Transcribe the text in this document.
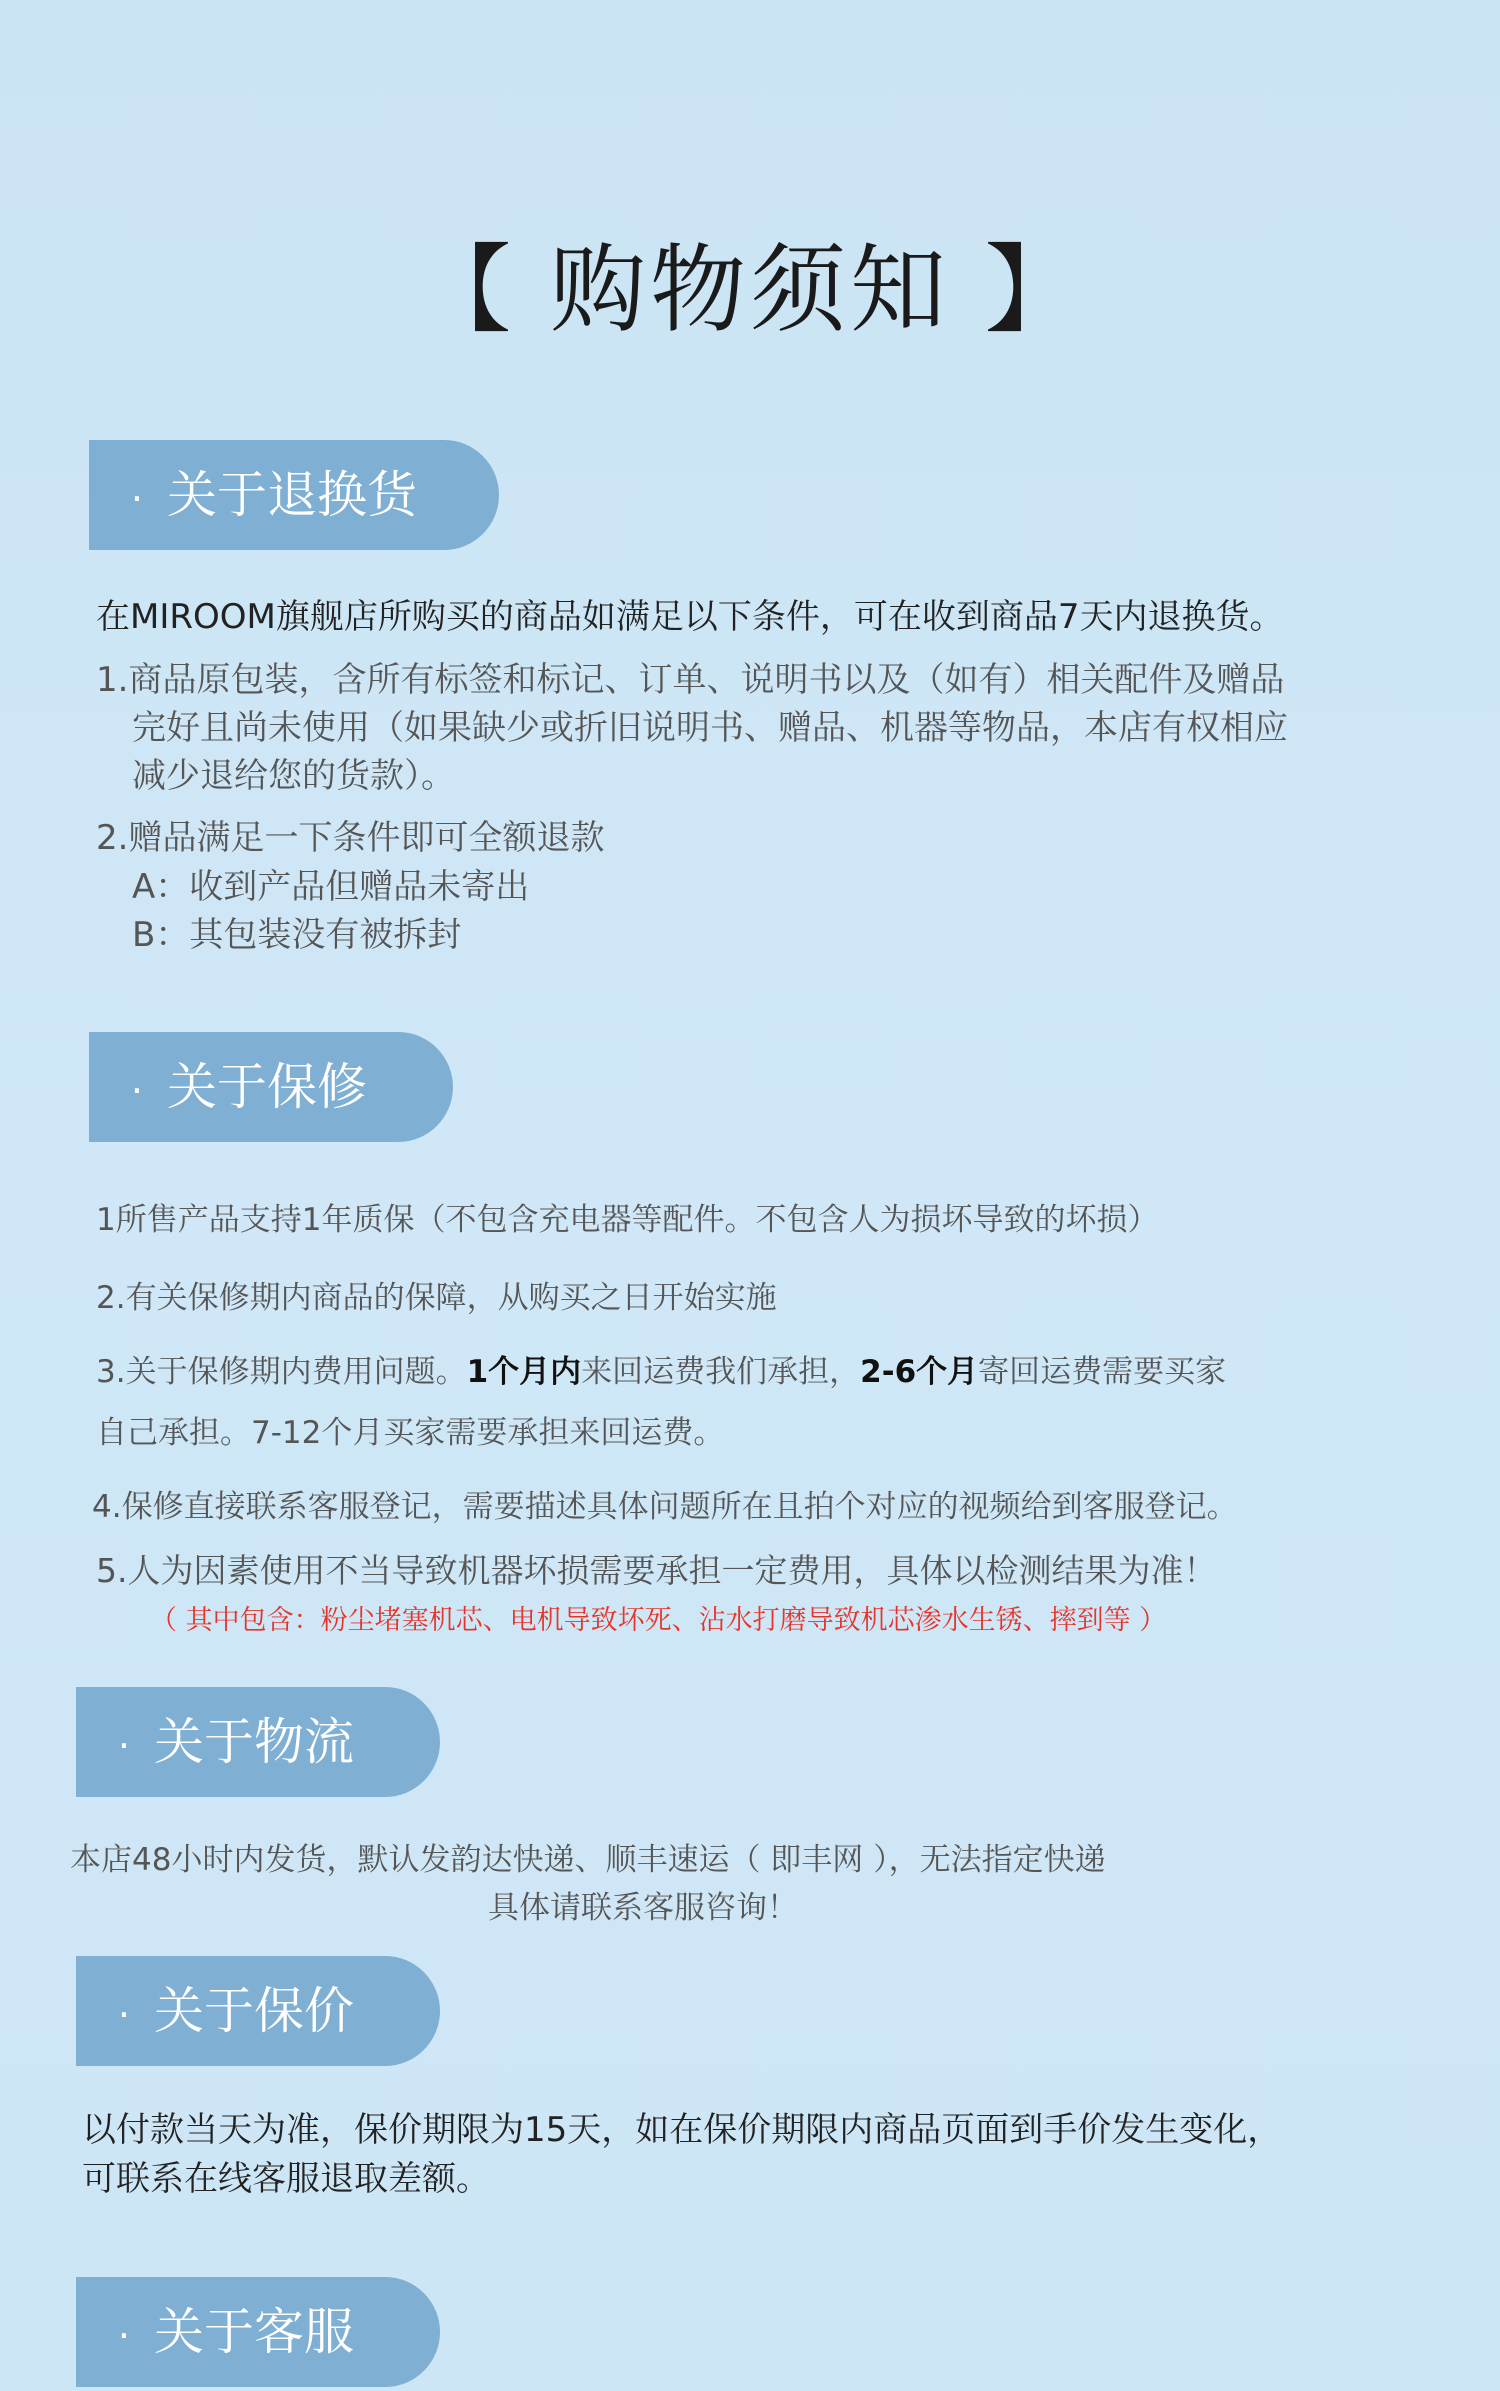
【 购物须知 】
· 关于退换货
在MIROOM旗舰店所购买的商品如满足以下条件，可在收到商品7天内退换货。
1.商品原包装，含所有标签和标记、订单、说明书以及（如有）相关配件及赠品
完好且尚未使用（如果缺少或折旧说明书、赠品、机器等物品，本店有权相应
减少退给您的货款）。
2.赠品满足一下条件即可全额退款
A：收到产品但赠品未寄出
B：其包装没有被拆封
· 关于保修
1所售产品支持1年质保（不包含充电器等配件。不包含人为损坏导致的坏损）
2.有关保修期内商品的保障，从购买之日开始实施
3.关于保修期内费用问题。1个月内来回运费我们承担，2-6个月寄回运费需要买家
自己承担。7-12个月买家需要承担来回运费。
4.保修直接联系客服登记，需要描述具体问题所在且拍个对应的视频给到客服登记。
5.人为因素使用不当导致机器坏损需要承担一定费用，具体以检测结果为准！
（ 其中包含：粉尘堵塞机芯、电机导致坏死、沾水打磨导致机芯渗水生锈、摔到等 ）
· 关于物流
本店48小时内发货，默认发韵达快递、顺丰速运（ 即丰网 ），无法指定快递
具体请联系客服咨询！
· 关于保价
以付款当天为准，保价期限为15天，如在保价期限内商品页面到手价发生变化，
可联系在线客服退取差额。
· 关于客服
